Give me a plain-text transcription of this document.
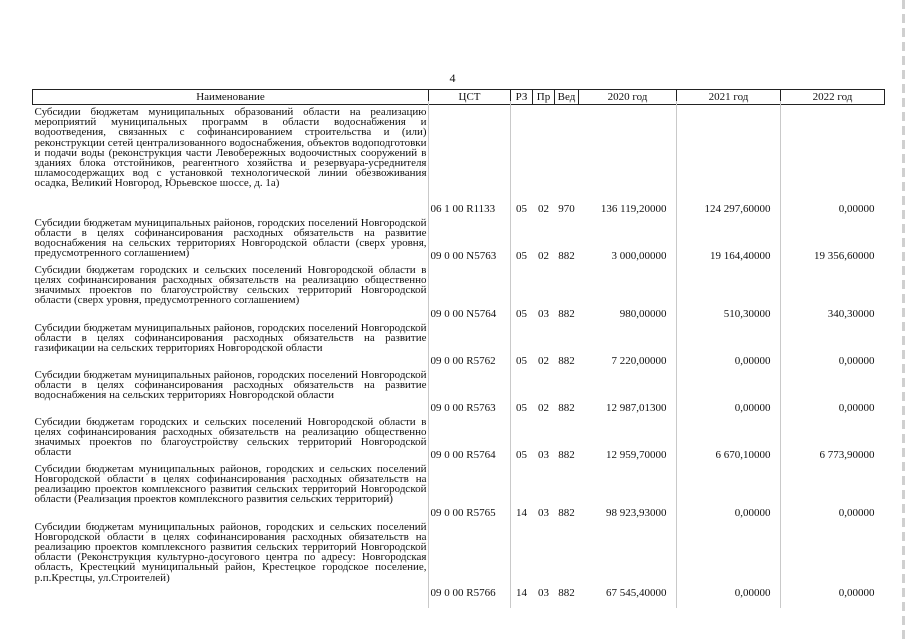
4
Наименование	ЦСТ	РЗ	Пр	Вед	2020 год	2021 год	2022 год
Субсидии бюджетам муниципальных образований области на реализацию мероприятий муниципальных программ в области водоснабжения и водоотведения, связанных с софинансированием строительства и (или) реконструкции сетей централизованного водоснабжения, объектов водоподготовки и подачи воды (реконструкция части Левобережных водоочистных сооружений в зданиях блока отстойников, реагентного хозяйства и резервуара-усреднителя шламосодержащих вод с установкой технологической линии обезвоживания осадка, Великий Новгород, Юрьевское шоссе, д. 1а)	06 1 00 R1133	05	02	970	136 119,20000	124 297,60000	0,00000
Субсидии бюджетам муниципальных районов, городских поселений Новгородской области в целях софинансирования расходных обязательств на развитие водоснабжения на сельских территориях Новгородской области (сверх уровня, предусмотренного соглашением)	09 0 00 N5763	05	02	882	3 000,00000	19 164,40000	19 356,60000
Субсидии бюджетам городских и сельских поселений Новгородской области в целях софинансирования расходных обязательств на реализацию общественно значимых проектов по благоустройству сельских территорий Новгородской области (сверх уровня, предусмотренного соглашением)	09 0 00 N5764	05	03	882	980,00000	510,30000	340,30000
Субсидии бюджетам муниципальных районов, городских поселений Новгородской области в целях софинансирования расходных обязательств на развитие газификации на сельских территориях Новгородской области	09 0 00 R5762	05	02	882	7 220,00000	0,00000	0,00000
Субсидии бюджетам муниципальных районов, городских поселений Новгородской области в целях софинансирования расходных обязательств на развитие водоснабжения на сельских территориях Новгородской области	09 0 00 R5763	05	02	882	12 987,01300	0,00000	0,00000
Субсидии бюджетам городских и сельских поселений Новгородской области в целях софинансирования расходных обязательств на реализацию общественно значимых проектов по благоустройству сельских территорий Новгородской области	09 0 00 R5764	05	03	882	12 959,70000	6 670,10000	6 773,90000
Субсидии бюджетам муниципальных районов, городских и сельских поселений Новгородской области в целях софинансирования расходных обязательств на реализацию проектов комплексного развития сельских территорий Новгородской области (Реализация проектов комплексного развития сельских территорий)	09 0 00 R5765	14	03	882	98 923,93000	0,00000	0,00000
Субсидии бюджетам муниципальных районов, городских и сельских поселений Новгородской области в целях софинансирования расходных обязательств на реализацию проектов комплексного развития сельских территорий Новгородской области (Реконструкция культурно-досугового центра по адресу: Новгородская область, Крестецкий муниципальный район, Крестецкое городское поселение, р.п.Крестцы, ул.Строителей)	09 0 00 R5766	14	03	882	67 545,40000	0,00000	0,00000
